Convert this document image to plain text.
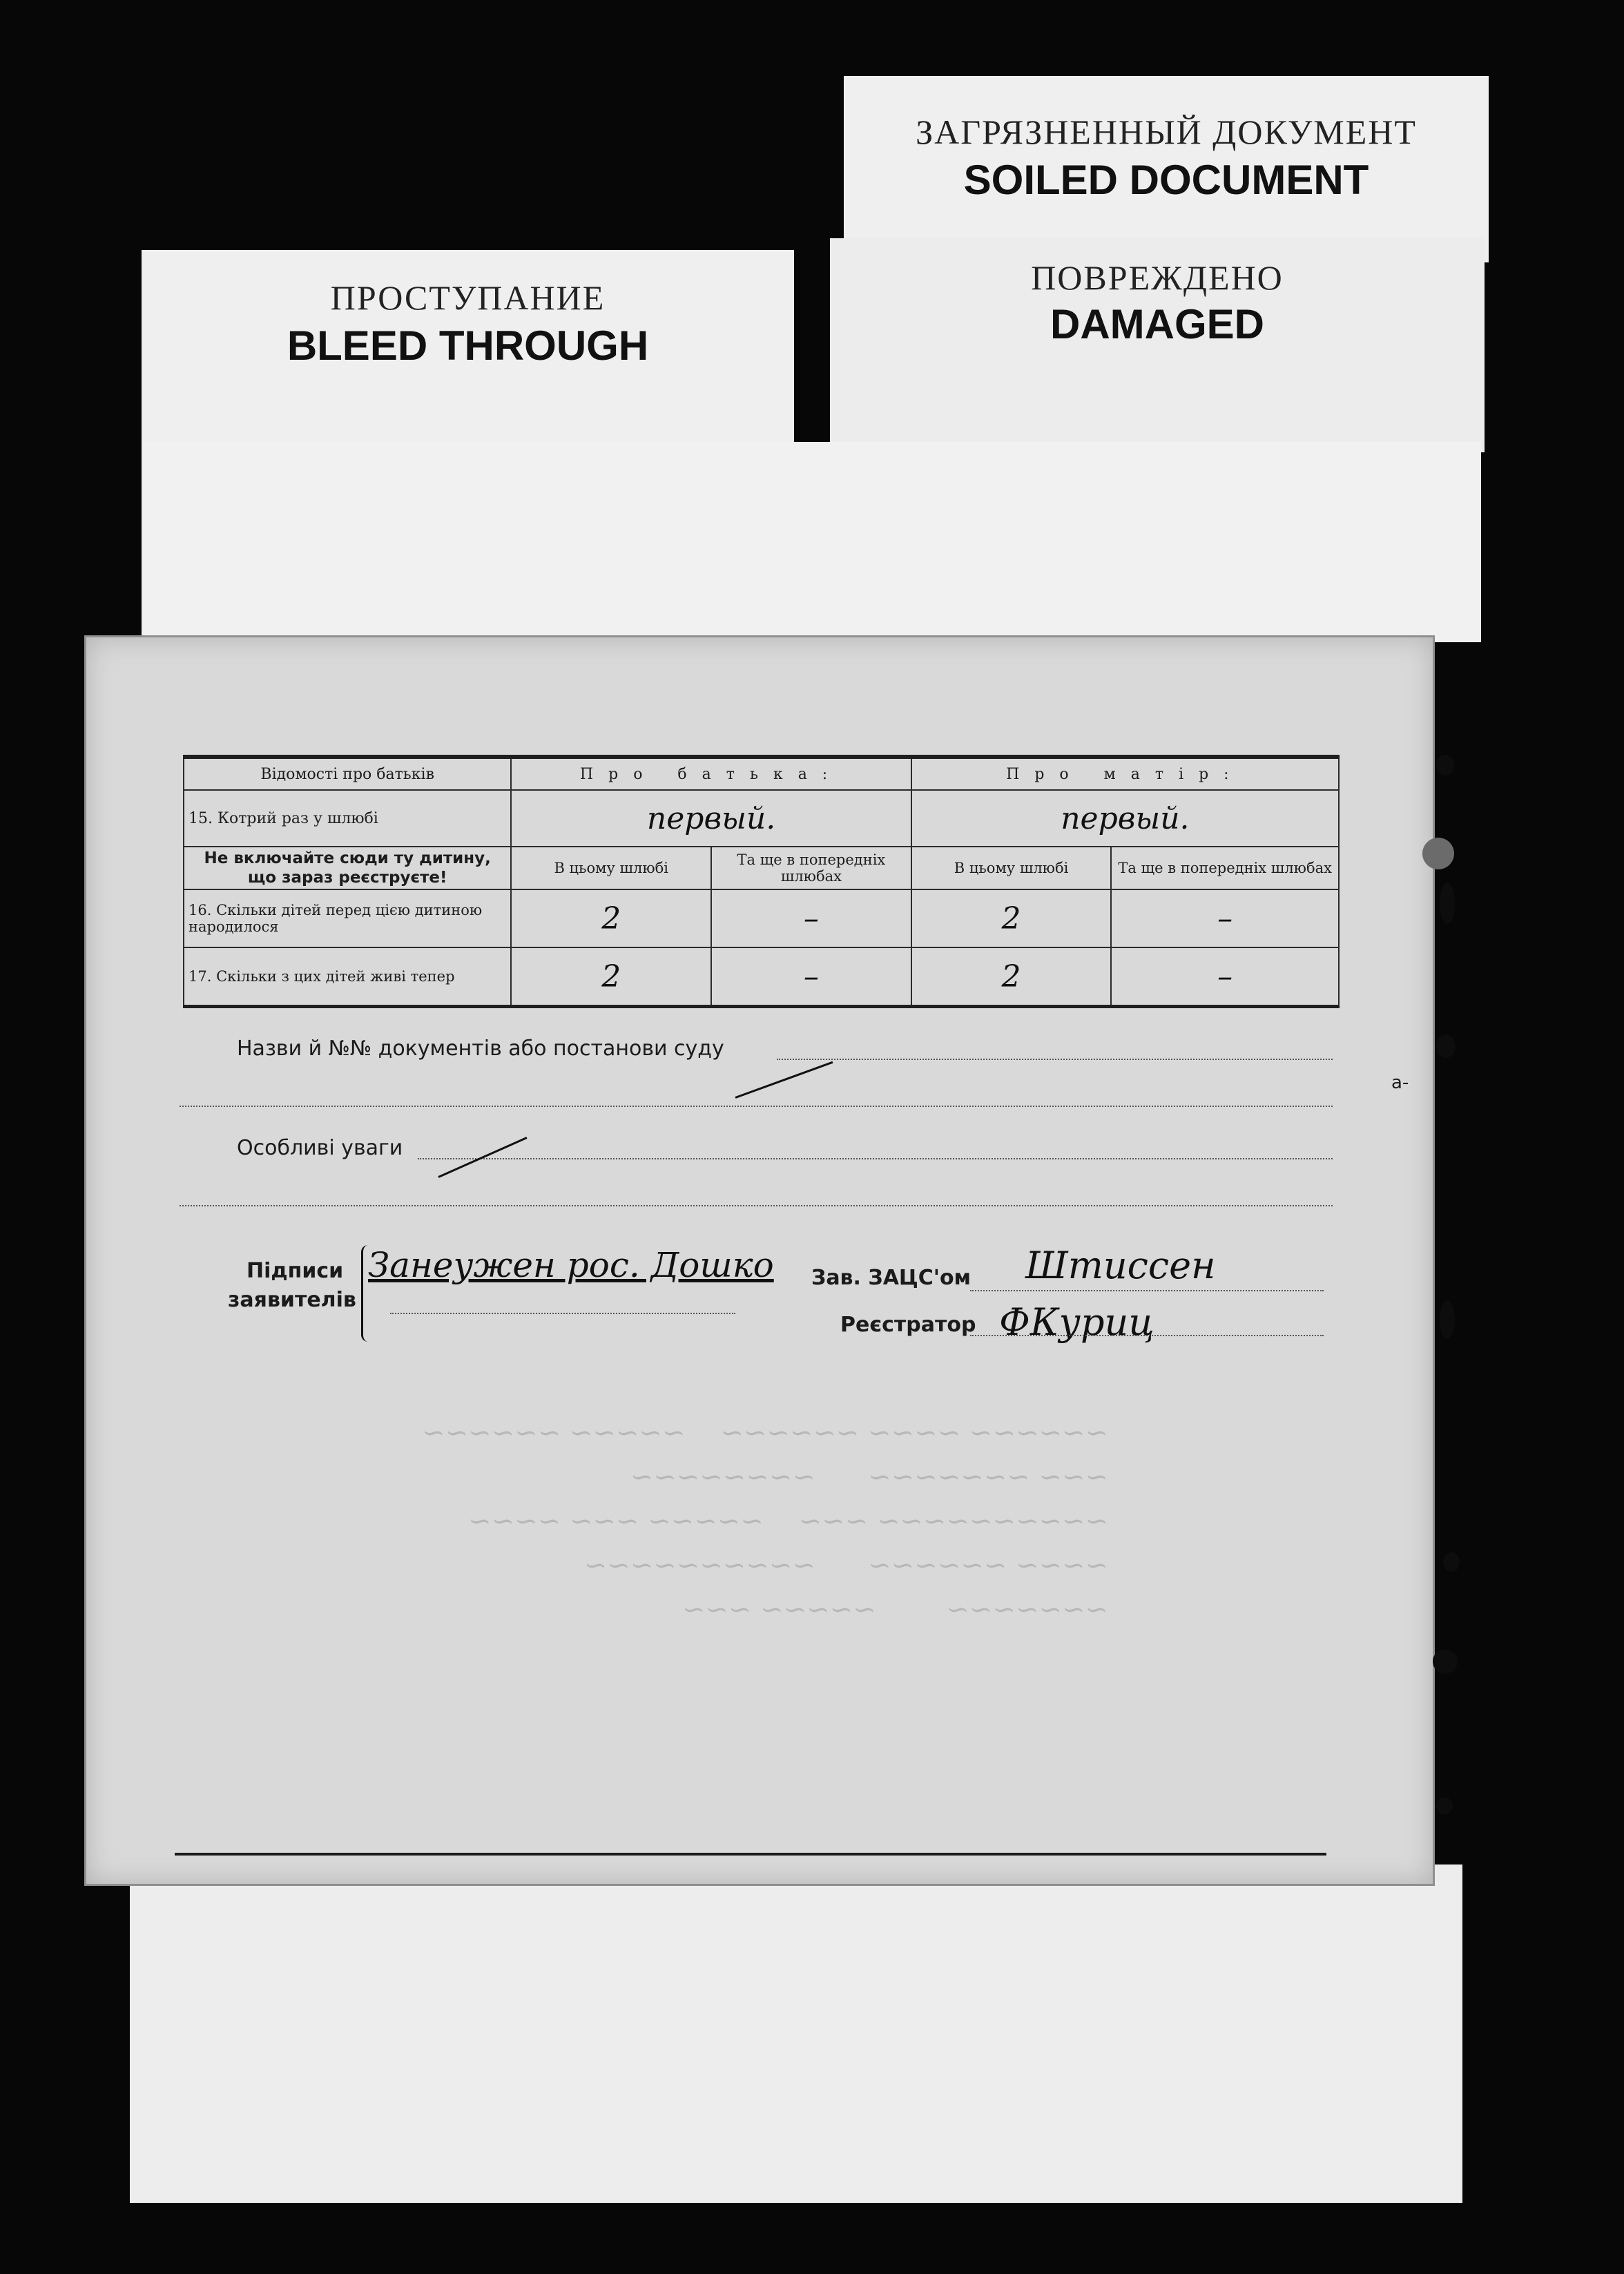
ЗАГРЯЗНЕННЫЙ ДОКУМЕНТ
SOILED DOCUMENT
ПРОСТУПАНИЕ
BLEED THROUGH
ПОВРЕЖДЕНО
DAMAGED
~~~~~~ ~~~~ ~~~~~~    ~~~~~ ~~~~~~
~~~ ~~~~~~~      ~~~~~~~~
~~~~~~~~~~ ~~~    ~~~~~ ~~~ ~~~~
~~~~ ~~~~~~      ~~~~~~~~~~
~~~~~~~        ~~~~~ ~~~
Відомості про батьків	Про батька:		Про матір:	
15. Котрий раз у шлюбі	первый.		первый.	
Не включайте сюди ту дитину, що зараз реєструєте!	В цьому шлюбі	Та ще в попередніх шлюбах	В цьому шлюбі	Та ще в попередніх шлюбах
16. Скільки дітей перед цією дитиною народилося	2	–	2	–
17. Скільки з цих дітей живі тепер	2	–	2	–
Назви й №№ документів або постанови суду
Особливі уваги
Підписи
заявителів
Занеужен рос. Дошко Зав. ЗАЦС'ом Штиссен
Реєстратор ФКуриц
а-
